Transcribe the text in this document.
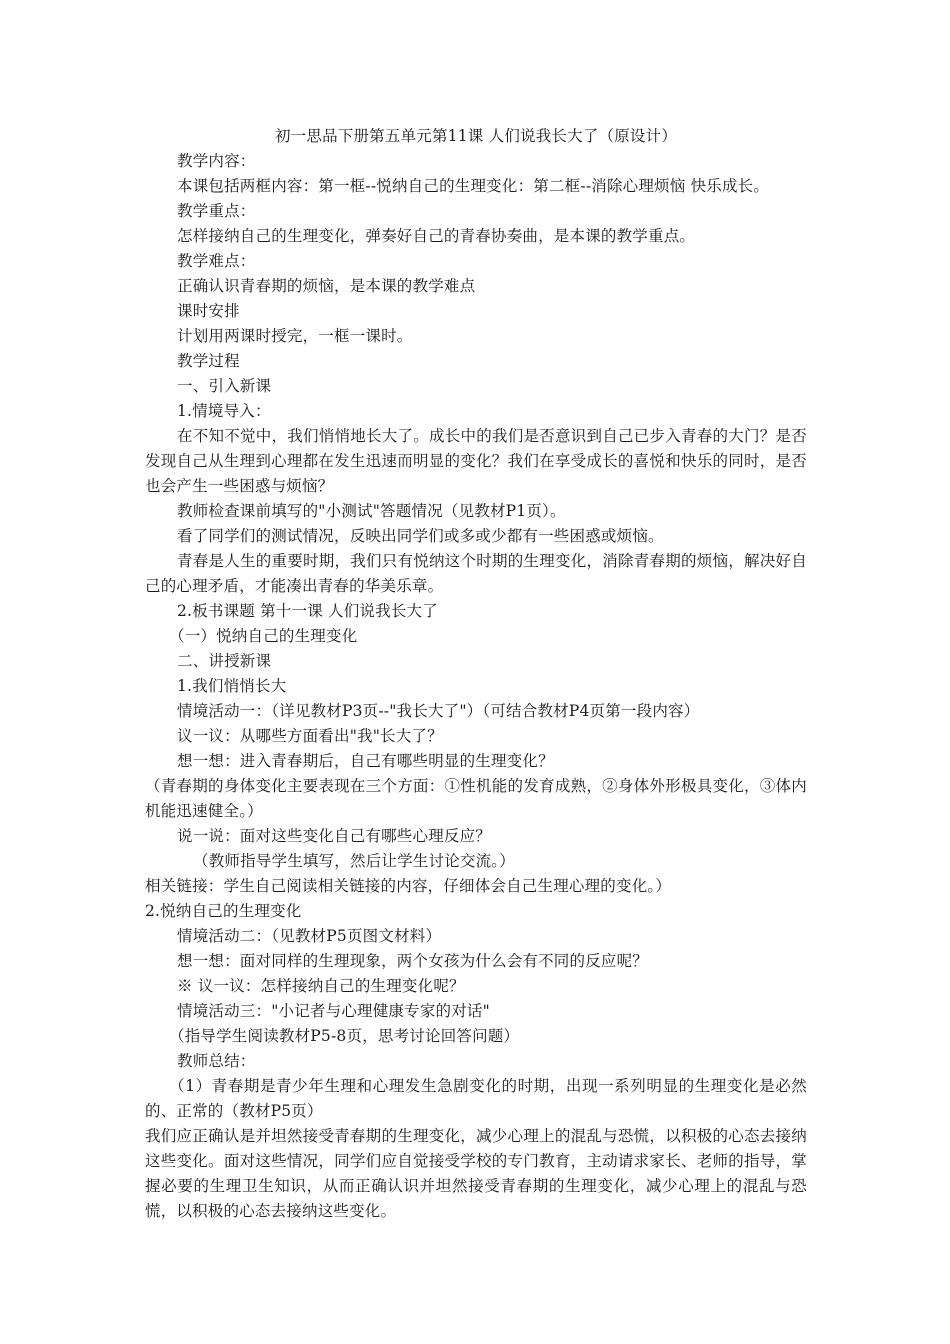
初一思品下册第五单元第11课 人们说我长大了（原设计）

教学内容：

本课包括两框内容：第一框--悦纳自己的生理变化：第二框--消除心理烦恼 快乐成长。

教学重点：

怎样接纳自己的生理变化，弹奏好自己的青春协奏曲，是本课的教学重点。

教学难点：

正确认识青春期的烦恼，是本课的教学难点

课时安排

计划用两课时授完，一框一课时。

教学过程

一、引入新课

1.情境导入：

在不知不觉中，我们悄悄地长大了。成长中的我们是否意识到自己已步入青春的大门？是否发现自己从生理到心理都在发生迅速而明显的变化？我们在享受成长的喜悦和快乐的同时，是否也会产生一些困惑与烦恼？

教师检查课前填写的"小测试"答题情况（见教材P1页）。

看了同学们的测试情况，反映出同学们或多或少都有一些困惑或烦恼。

青春是人生的重要时期，我们只有悦纳这个时期的生理变化，消除青春期的烦恼，解决好自己的心理矛盾，才能凑出青春的华美乐章。

2.板书课题 第十一课 人们说我长大了

（一）悦纳自己的生理变化

二、讲授新课

1.我们悄悄长大

情境活动一：（详见教材P3页--"我长大了"）（可结合教材P4页第一段内容）

议一议：从哪些方面看出"我"长大了？

想一想：进入青春期后，自己有哪些明显的生理变化？

（青春期的身体变化主要表现在三个方面：①性机能的发育成熟，②身体外形极具变化，③体内机能迅速健全。）

说一说：面对这些变化自己有哪些心理反应？

（教师指导学生填写，然后让学生讨论交流。）

相关链接：学生自己阅读相关链接的内容，仔细体会自己生理心理的变化。）

2.悦纳自己的生理变化

情境活动二：（见教材P5页图文材料）

想一想：面对同样的生理现象，两个女孩为什么会有不同的反应呢？

※ 议一议：怎样接纳自己的生理变化呢？

情境活动三："小记者与心理健康专家的对话"

（指导学生阅读教材P5-8页，思考讨论回答问题）

教师总结：

（1）青春期是青少年生理和心理发生急剧变化的时期，出现一系列明显的生理变化是必然的、正常的（教材P5页）

我们应正确认是并坦然接受青春期的生理变化，减少心理上的混乱与恐慌，以积极的心态去接纳这些变化。面对这些情况，同学们应自觉接受学校的专门教育，主动请求家长、老师的指导，掌握必要的生理卫生知识，从而正确认识并坦然接受青春期的生理变化，减少心理上的混乱与恐慌，以积极的心态去接纳这些变化。
